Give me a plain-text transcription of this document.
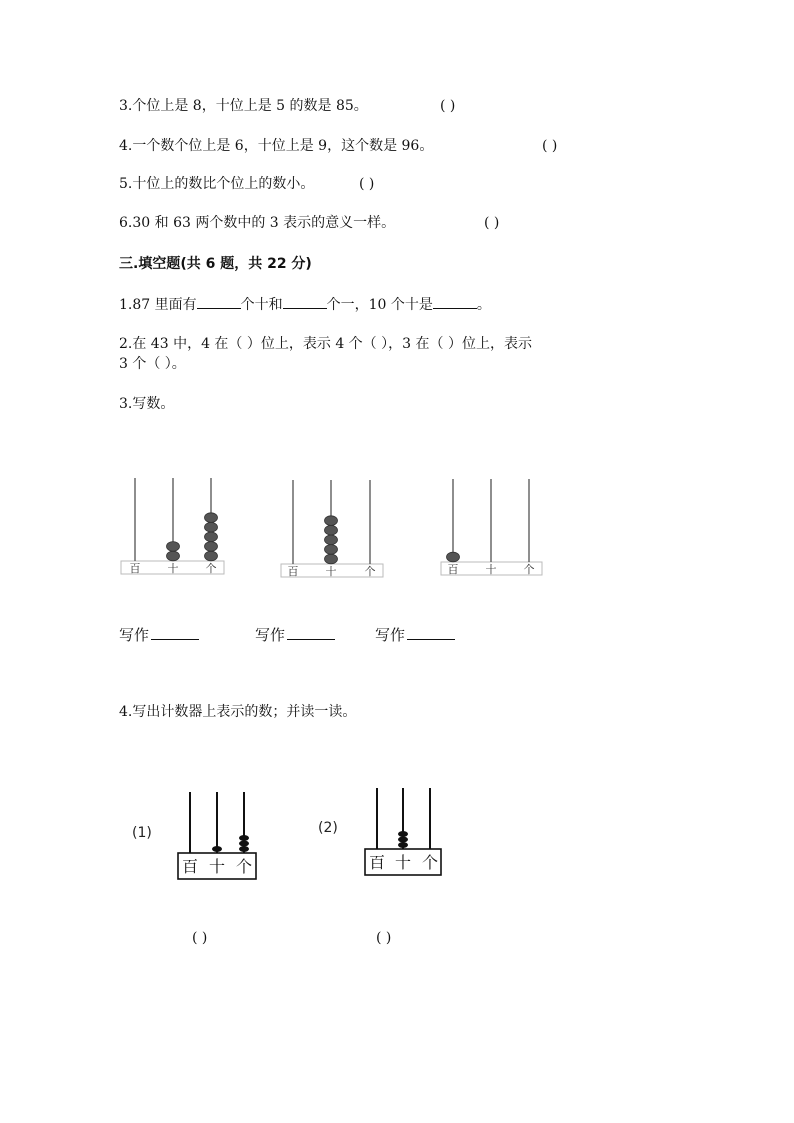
3.个位上是 8，十位上是 5 的数是 85。	( )
4.一个数个位上是 6，十位上是 9，这个数是 96。	( )
5.十位上的数比个位上的数小。	( )
6.30 和 63 两个数中的 3 表示的意义一样。	( )
三.填空题(共 6 题，共 22 分)
1.87 里面有	个十和	个一，10 个十是	。
2.在 43 中，4 在（ ）位上，表示 4 个（ ），3 在（ ）位上，表示
3 个（ ）。
3.写数。
百 十 个	百 十	个	百 十 个
写作	写作	写作
4.写出计数器上表示的数；并读一读。
(1)
百 十 个
(2)
百 十 个
( )	( )
